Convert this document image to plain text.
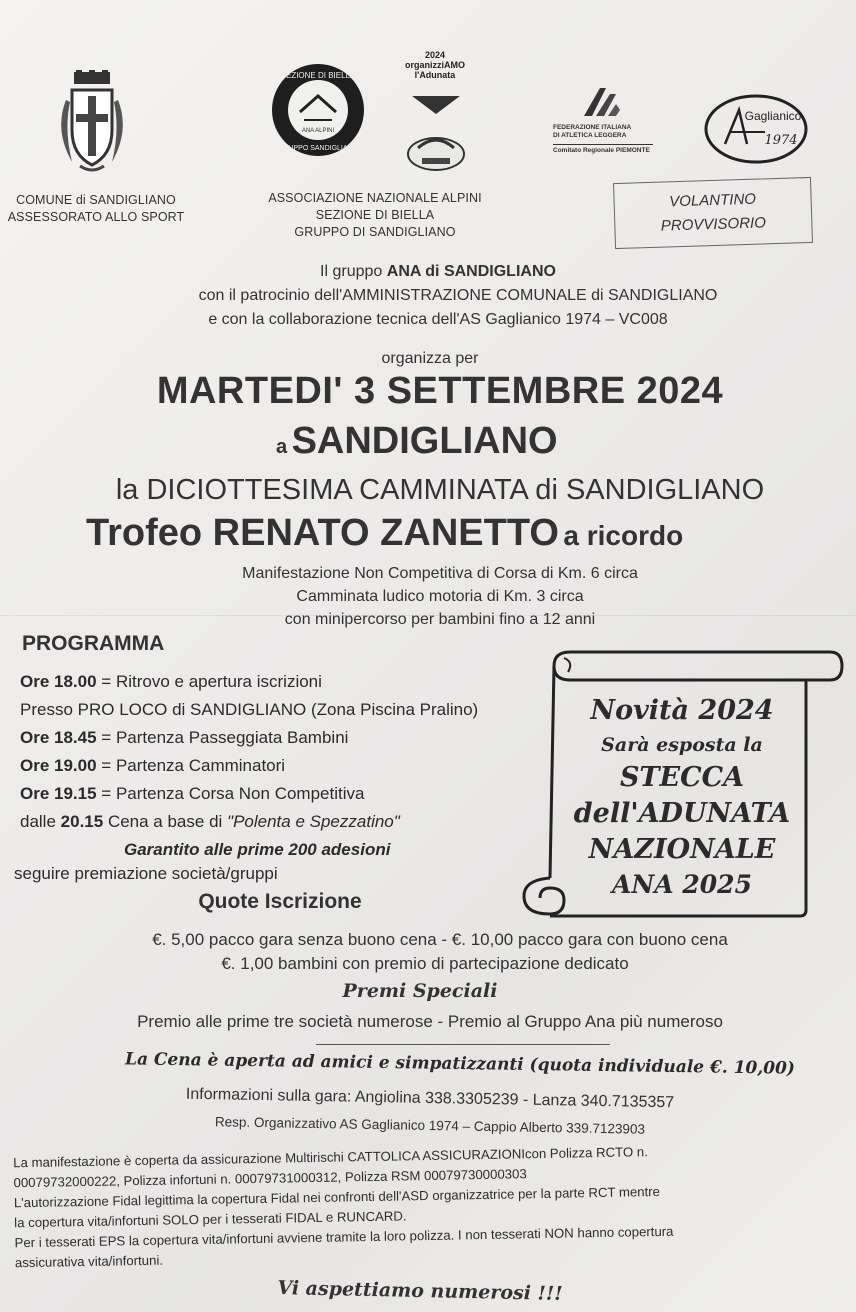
COMUNE di SANDIGLIANO
ASSESSORATO ALLO SPORT
SEZIONE DI BIELLA
GRUPPO SANDIGLIANO
ANA ALPINI
ASSOCIAZIONE NAZIONALE ALPINI
SEZIONE DI BIELLA
GRUPPO DI SANDIGLIANO
2024
organizziAMO
l'Adunata
FEDERAZIONE ITALIANA
DI ATLETICA LEGGERA
Comitato Regionale PIEMONTE
Gaglianico
1974
VOLANTINO
PROVVISORIO
Il gruppo ANA di SANDIGLIANO
con il patrocinio dell'AMMINISTRAZIONE COMUNALE di SANDIGLIANO
e con la collaborazione tecnica dell'AS Gaglianico 1974 – VC008
organizza per
MARTEDI' 3 SETTEMBRE 2024
a SANDIGLIANO
la DICIOTTESIMA CAMMINATA di SANDIGLIANO
Trofeo RENATO ZANETTO a ricordo
Manifestazione Non Competitiva di Corsa di Km. 6 circa
Camminata ludico motoria di Km. 3 circa
con minipercorso per bambini fino a 12 anni
PROGRAMMA
Ore 18.00 = Ritrovo e apertura iscrizioni
Presso PRO LOCO di SANDIGLIANO (Zona Piscina Pralino)
Ore 18.45 = Partenza Passeggiata Bambini
Ore 19.00 = Partenza Camminatori
Ore 19.15 = Partenza Corsa Non Competitiva
dalle 20.15 Cena a base di "Polenta e Spezzatino"
Garantito alle prime 200 adesioni
seguire premiazione società/gruppi
Novità 2024
Sarà esposta la
STECCA
dell'ADUNATA
NAZIONALE
ANA 2025
Quote Iscrizione
€. 5,00 pacco gara senza buono cena - €. 10,00 pacco gara con buono cena
€. 1,00 bambini con premio di partecipazione dedicato
Premi Speciali
Premio alle prime tre società numerose - Premio al Gruppo Ana più numeroso
La Cena è aperta ad amici e simpatizzanti (quota individuale €. 10,00)
Informazioni sulla gara: Angiolina 338.3305239 - Lanza 340.7135357
Resp. Organizzativo AS Gaglianico 1974 – Cappio Alberto 339.7123903
La manifestazione è coperta da assicurazione Multirischi CATTOLICA ASSICURAZIONIcon Polizza RCTO n.
00079732000222, Polizza infortuni n. 00079731000312, Polizza RSM 00079730000303
L'autorizzazione Fidal legittima la copertura Fidal nei confronti dell'ASD organizzatrice per la parte RCT mentre
la copertura vita/infortuni SOLO per i tesserati FIDAL e RUNCARD.
Per i tesserati EPS la copertura vita/infortuni avviene tramite la loro polizza. I non tesserati NON hanno copertura
assicurativa vita/infortuni.
Vi aspettiamo numerosi !!!
